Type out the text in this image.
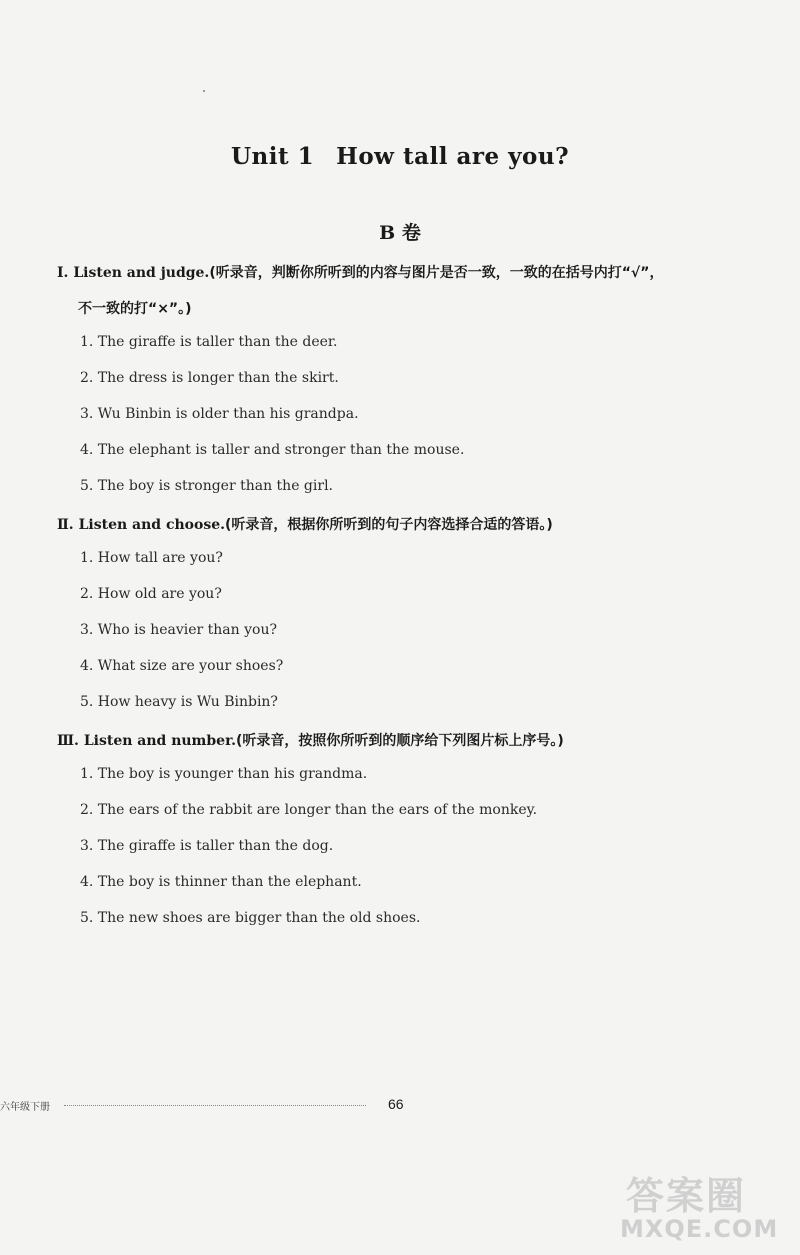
Unit 1 How tall are you?
B 卷
Ⅰ. Listen and judge.(听录音，判断你所听到的内容与图片是否一致，一致的在括号内打“√”，
不一致的打“×”。)
1. The giraffe is taller than the deer.
2. The dress is longer than the skirt.
3. Wu Binbin is older than his grandpa.
4. The elephant is taller and stronger than the mouse.
5. The boy is stronger than the girl.
Ⅱ. Listen and choose.(听录音，根据你所听到的句子内容选择合适的答语。)
1. How tall are you?
2. How old are you?
3. Who is heavier than you?
4. What size are your shoes?
5. How heavy is Wu Binbin?
Ⅲ. Listen and number.(听录音，按照你所听到的顺序给下列图片标上序号。)
1. The boy is younger than his grandma.
2. The ears of the rabbit are longer than the ears of the monkey.
3. The giraffe is taller than the dog.
4. The boy is thinner than the elephant.
5. The new shoes are bigger than the old shoes.
六年级下册	66
答案圈
MXQE.COM
